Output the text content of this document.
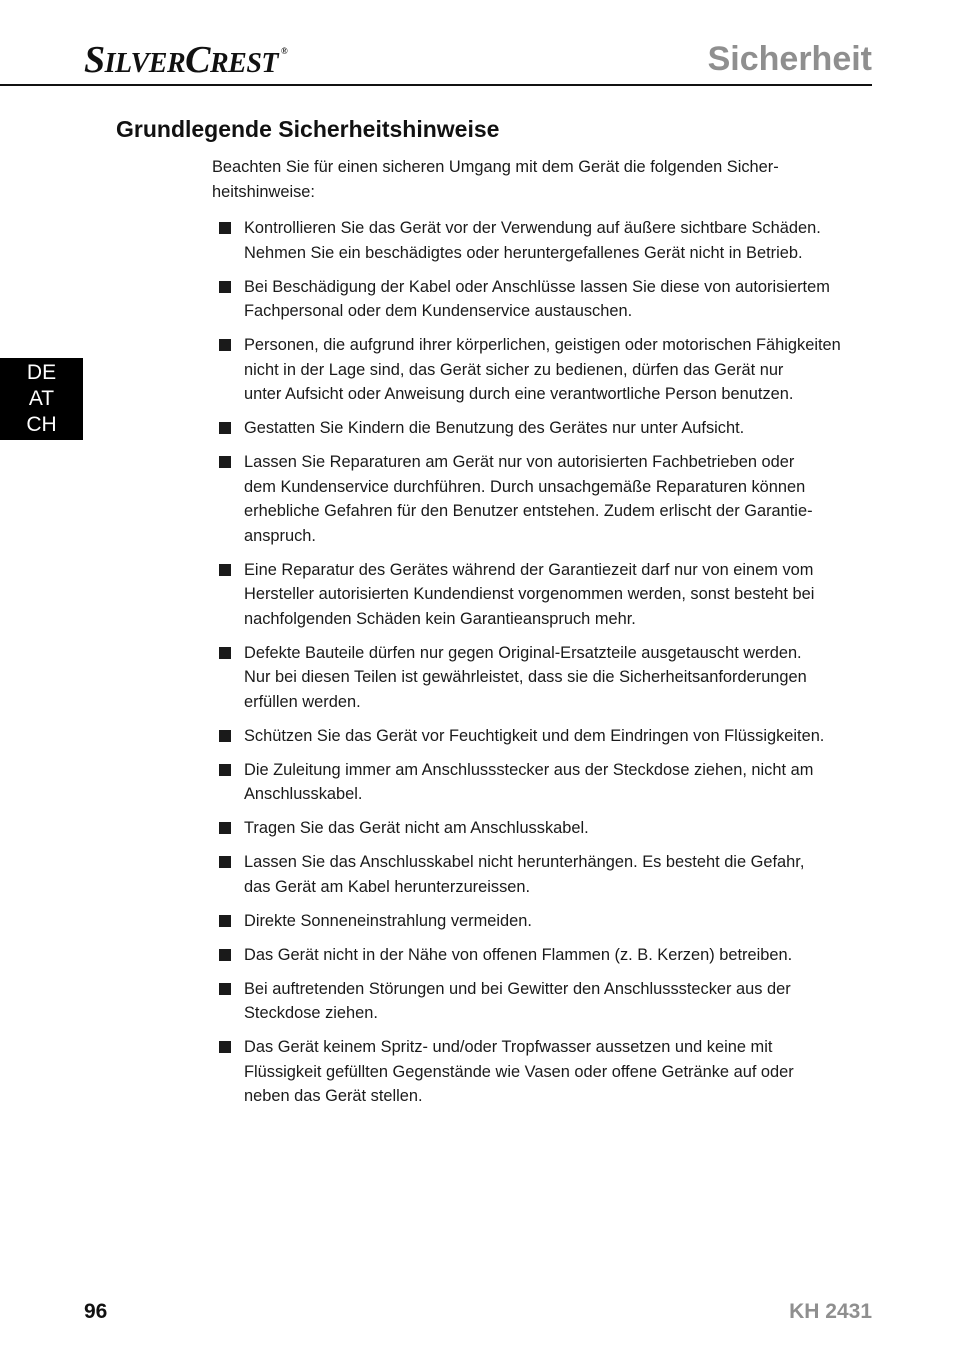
SILVERCREST ®	Sicherheit
DE
AT
CH
Grundlegende Sicherheitshinweise

Beachten Sie für einen sicheren Umgang mit dem Gerät die folgenden Sicher-
heitshinweise:

Kontrollieren Sie das Gerät vor der Verwendung auf äußere sichtbare Schäden.
Nehmen Sie ein beschädigtes oder heruntergefallenes Gerät nicht in Betrieb.
Bei Beschädigung der Kabel oder Anschlüsse lassen Sie diese von autorisiertem
Fachpersonal oder dem Kundenservice austauschen.
Personen, die aufgrund ihrer körperlichen, geistigen oder motorischen Fähigkeiten
nicht in der Lage sind, das Gerät sicher zu bedienen, dürfen das Gerät nur
unter Aufsicht oder Anweisung durch eine verantwortliche Person benutzen.
Gestatten Sie Kindern die Benutzung des Gerätes nur unter Aufsicht.
Lassen Sie Reparaturen am Gerät nur von autorisierten Fachbetrieben oder
dem Kundenservice durchführen. Durch unsachgemäße Reparaturen können
erhebliche Gefahren für den Benutzer entstehen. Zudem erlischt der Garantie-
anspruch.
Eine Reparatur des Gerätes während der Garantiezeit darf nur von einem vom
Hersteller autorisierten Kundendienst vorgenommen werden, sonst besteht bei
nachfolgenden Schäden kein Garantieanspruch mehr.
Defekte Bauteile dürfen nur gegen Original-Ersatzteile ausgetauscht werden.
Nur bei diesen Teilen ist gewährleistet, dass sie die Sicherheitsanforderungen
erfüllen werden.
Schützen Sie das Gerät vor Feuchtigkeit und dem Eindringen von Flüssigkeiten.
Die Zuleitung immer am Anschlussstecker aus der Steckdose ziehen, nicht am
Anschlusskabel.
Tragen Sie das Gerät nicht am Anschlusskabel.
Lassen Sie das Anschlusskabel nicht herunterhängen. Es besteht die Gefahr,
das Gerät am Kabel herunterzureissen.
Direkte Sonneneinstrahlung vermeiden.
Das Gerät nicht in der Nähe von offenen Flammen (z. B. Kerzen) betreiben.
Bei auftretenden Störungen und bei Gewitter den Anschlussstecker aus der
Steckdose ziehen.
Das Gerät keinem Spritz- und/oder Tropfwasser aussetzen und keine mit
Flüssigkeit gefüllten Gegenstände wie Vasen oder offene Getränke auf oder
neben das Gerät stellen.
96	KH 2431
